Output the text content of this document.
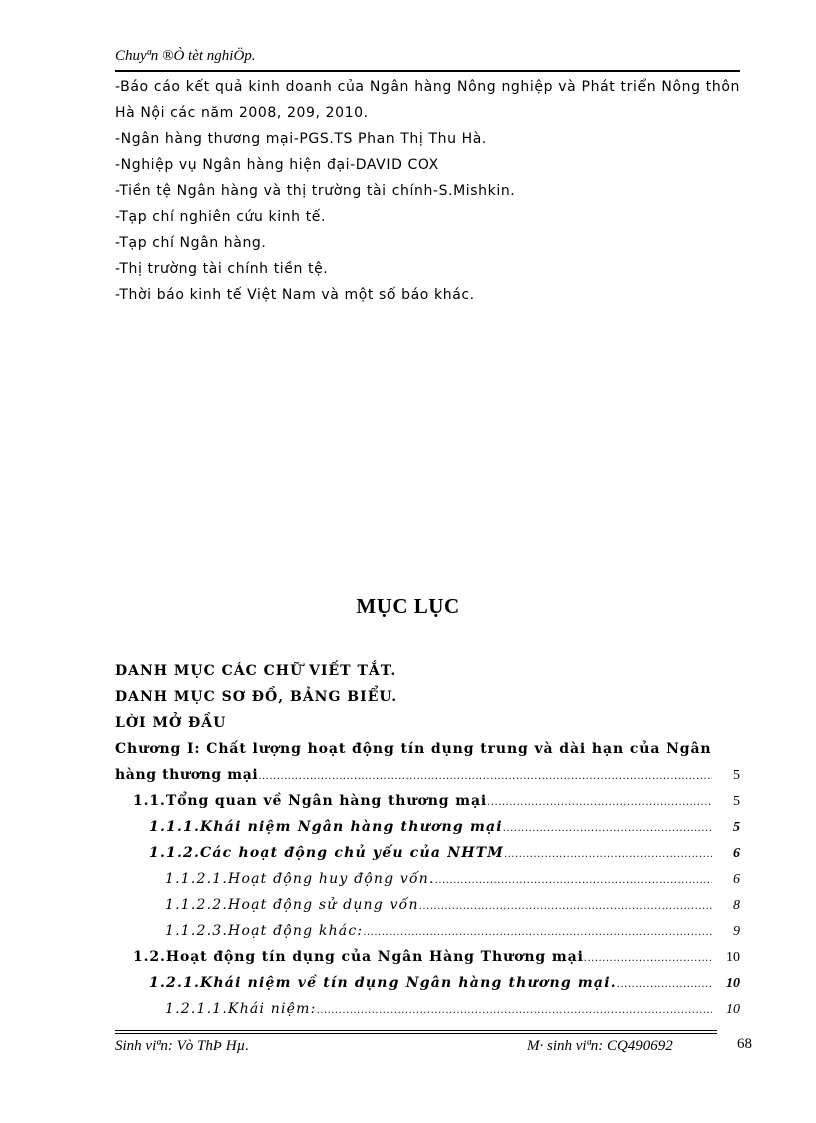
Chuyªn ®Ò tèt nghiÖp.
-Báo cáo kết quả kinh doanh của Ngân hàng Nông nghiệp và Phát triển Nông thôn Hà Nội các năm 2008, 209, 2010.
-Ngân hàng thương mại-PGS.TS Phan Thị Thu Hà.
-Nghiệp vụ Ngân hàng hiện đại-DAVID COX
-Tiền tệ Ngân hàng và thị trường tài chính-S.Mishkin.
-Tạp chí nghiên cứu kinh tế.
-Tạp chí Ngân hàng.
-Thị trường tài chính tiền tệ.
-Thời báo kinh tế Việt Nam và một số báo khác.
MỤC LỤC
DANH MỤC CÁC CHỮ VIẾT TẮT.
DANH MỤC SƠ ĐỒ, BẢNG BIỂU.
LỜI MỞ ĐẦU
Chương I: Chất lượng hoạt động tín dụng trung và dài hạn của Ngân
hàng thương mại .....	5
1.1.Tổng quan về Ngân hàng thương mại .....	5
1.1.1.Khái niệm Ngân hàng thương mại .....	5
1.1.2.Các hoạt động chủ yếu của NHTM .....	6
1.1.2.1.Hoạt động huy động vốn. .....	6
1.1.2.2.Hoạt động sử dụng vốn .....	8
1.1.2.3.Hoạt động khác: .....	9
1.2.Hoạt động tín dụng của Ngân Hàng Thương mại .....	10
1.2.1.Khái niệm về tín dụng Ngân hàng thương mại. .....	10
1.2.1.1.Khái niệm: .....	10
Sinh viªn: Vò ThÞ Hµ.	M· sinh viªn: CQ490692	68
